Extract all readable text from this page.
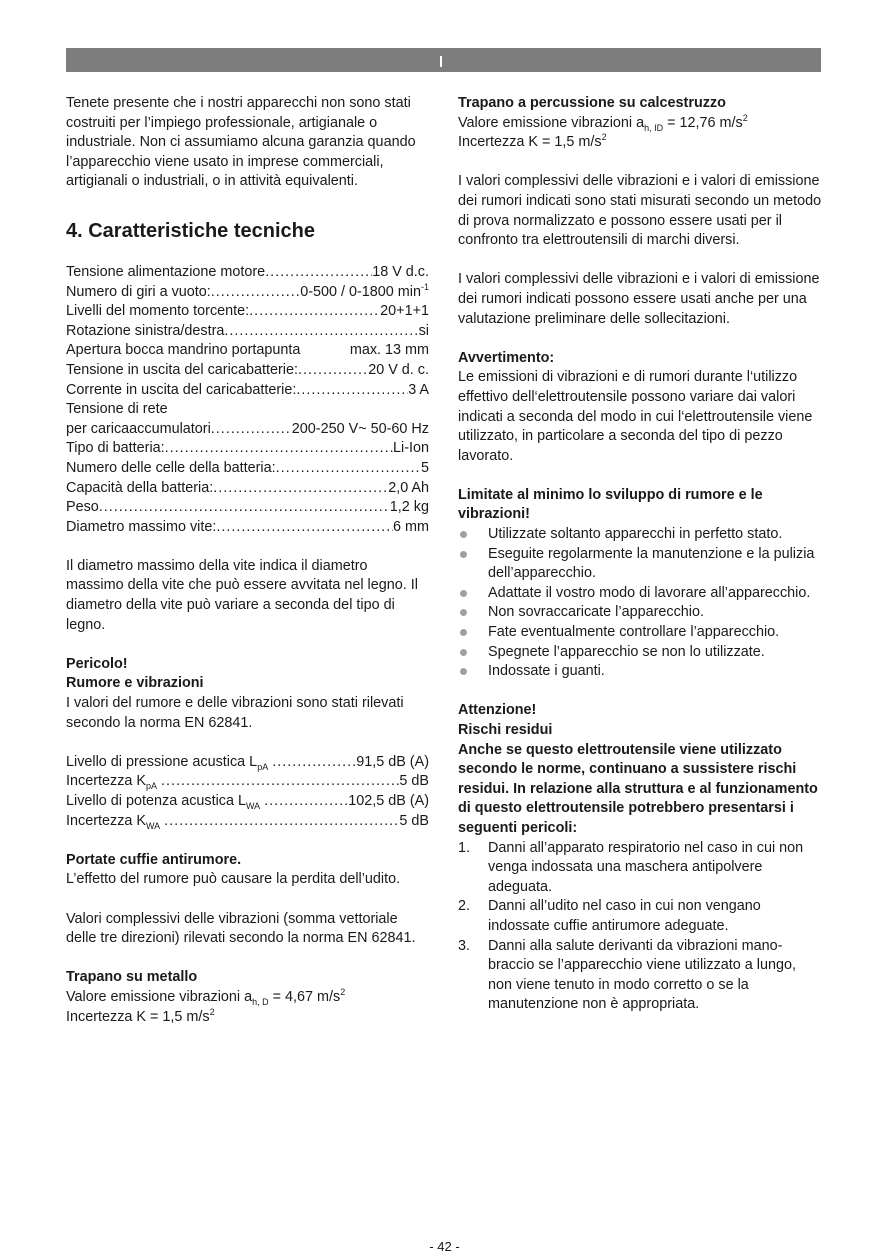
Tenete presente che i nostri apparecchi non sono stati costruiti per l’impiego professionale, artigianale o industriale. Non ci assumiamo alcuna garanzia quando l’apparecchio viene usato in imprese commerciali, artigianali o industriali, o in attività equivalenti.

4. Caratteristiche tecniche
Tensione alimentazione motore .....	18 V d.c.
Numero di giri a vuoto: .....	0-500 / 0-1800 $\min^{-1}$
Livelli del momento torcente: .....	20+1+1
Rotazione sinistra/destra .....	si
Apertura bocca mandrino portapunta	max. 13 mm
Tensione in uscita del caricabatterie: .....	20 V d. c.
Corrente in uscita del caricabatterie: .....	3 A
Tensione di rete
per caricaaccumulatori .....	200-250 V~ 50-60 Hz
Tipo di batteria: .....	Li-Ion
Numero delle celle della batteria: .....	5
Capacità della batteria: .....	2,0 Ah
Peso .....	1,2 kg
Diametro massimo vite: .....	6 mm

Il diametro massimo della vite indica il diametro massimo della vite che può essere avvitata nel legno. Il diametro della vite può variare a seconda del tipo di legno.

Pericolo!
Rumore e vibrazioni

I valori del rumore e delle vibrazioni sono stati rilevati secondo la norma EN 62841.

Livello di pressione acustica $L_{pA}$ .....	91,5 dB (A)
Incertezza $K_{pA}$ .....	5 dB
Livello di potenza acustica $L_{WA}$ .....	102,5 dB (A)
Incertezza $K_{WA}$ .....	5 dB
Portate cuffie antirumore.

L’effetto del rumore può causare la perdita dell’udito.

Valori complessivi delle vibrazioni (somma vettoriale delle tre direzioni) rilevati secondo la norma EN 62841.

Trapano su metallo
Valore emissione vibrazioni $a_{h, D} = 4,67$ $m/s^2$
Incertezza K = 1,5 $m/s^2$
Trapano a percussione su calcestruzzo
Valore emissione vibrazioni $a_{h, ID} = 12,76$ $m/s^2$
Incertezza K = 1,5 $m/s^2$

I valori complessivi delle vibrazioni e i valori di emissione dei rumori indicati sono stati misurati secondo un metodo di prova normalizzato e possono essere usati per il confronto tra elettroutensili di marchi diversi.

I valori complessivi delle vibrazioni e i valori di emissione dei rumori indicati possono essere usati anche per una valutazione preliminare delle sollecitazioni.

Avvertimento:

Le emissioni di vibrazioni e di rumori durante l‘utilizzo effettivo dell‘elettroutensile possono variare dai valori indicati a seconda del modo in cui l‘elettroutensile viene utilizzato, in particolare a seconda del tipo di pezzo lavorato.

Limitate al minimo lo sviluppo di rumore e le vibrazioni!
Utilizzate soltanto apparecchi in perfetto stato.
Eseguite regolarmente la manutenzione e la pulizia dell’apparecchio.
Adattate il vostro modo di lavorare all’apparecchio.
Non sovraccaricate l’apparecchio.
Fate eventualmente controllare l’apparecchio.
Spegnete l’apparecchio se non lo utilizzate.
Indossate i guanti.
Attenzione!
Rischi residui

Anche se questo elettroutensile viene utilizzato secondo le norme, continuano a sussistere rischi residui. In relazione alla struttura e al funzionamento di questo elettroutensile potrebbero presentarsi i seguenti pericoli:

1. Danni all’apparato respiratorio nel caso in cui non venga indossata una maschera antipolvere adeguata.
2. Danni all’udito nel caso in cui non vengano indossate cuffie antirumore adeguate.
3. Danni alla salute derivanti da vibrazioni mano-braccio se l’apparecchio viene utilizzato a lungo, non viene tenuto in modo corretto o se la manutenzione non è appropriata.
- 42 -
